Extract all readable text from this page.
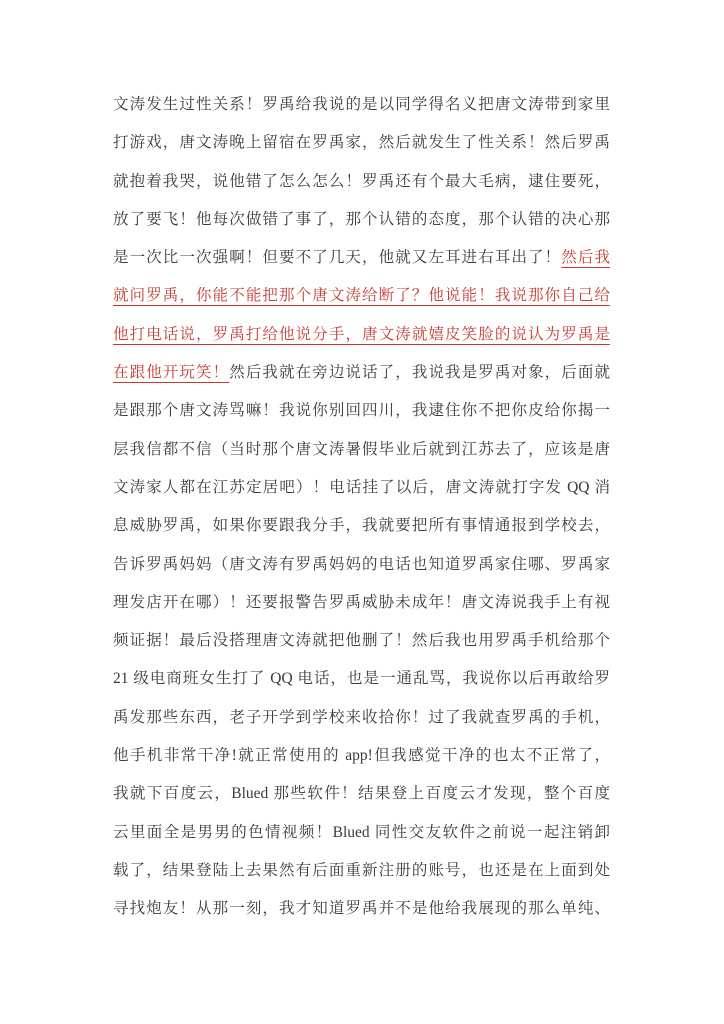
文涛发生过性关系！罗禹给我说的是以同学得名义把唐文涛带到家里
打游戏，唐文涛晚上留宿在罗禹家，然后就发生了性关系！然后罗禹
就抱着我哭，说他错了怎么怎么！罗禹还有个最大毛病，逮住要死，
放了要飞！他每次做错了事了，那个认错的态度，那个认错的决心那
是一次比一次强啊！但要不了几天，他就又左耳进右耳出了！然后我
就问罗禹，你能不能把那个唐文涛给断了？他说能！我说那你自己给
他打电话说，罗禹打给他说分手，唐文涛就嬉皮笑脸的说认为罗禹是
在跟他开玩笑！然后我就在旁边说话了，我说我是罗禹对象，后面就
是跟那个唐文涛骂嘛！我说你别回四川，我逮住你不把你皮给你揭一
层我信都不信（当时那个唐文涛暑假毕业后就到江苏去了，应该是唐
文涛家人都在江苏定居吧）！电话挂了以后，唐文涛就打字发 QQ 消
息威胁罗禹，如果你要跟我分手，我就要把所有事情通报到学校去，
告诉罗禹妈妈（唐文涛有罗禹妈妈的电话也知道罗禹家住哪、罗禹家
理发店开在哪）！还要报警告罗禹威胁未成年！唐文涛说我手上有视
频证据！最后没搭理唐文涛就把他删了！然后我也用罗禹手机给那个
21 级电商班女生打了 QQ 电话，也是一通乱骂，我说你以后再敢给罗
禹发那些东西，老子开学到学校来收拾你！过了我就查罗禹的手机，
他手机非常干净!就正常使用的 app!但我感觉干净的也太不正常了，
我就下百度云，Blued 那些软件！结果登上百度云才发现，整个百度
云里面全是男男的色情视频！Blued 同性交友软件之前说一起注销卸
载了，结果登陆上去果然有后面重新注册的账号，也还是在上面到处
寻找炮友！从那一刻，我才知道罗禹并不是他给我展现的那么单纯、
